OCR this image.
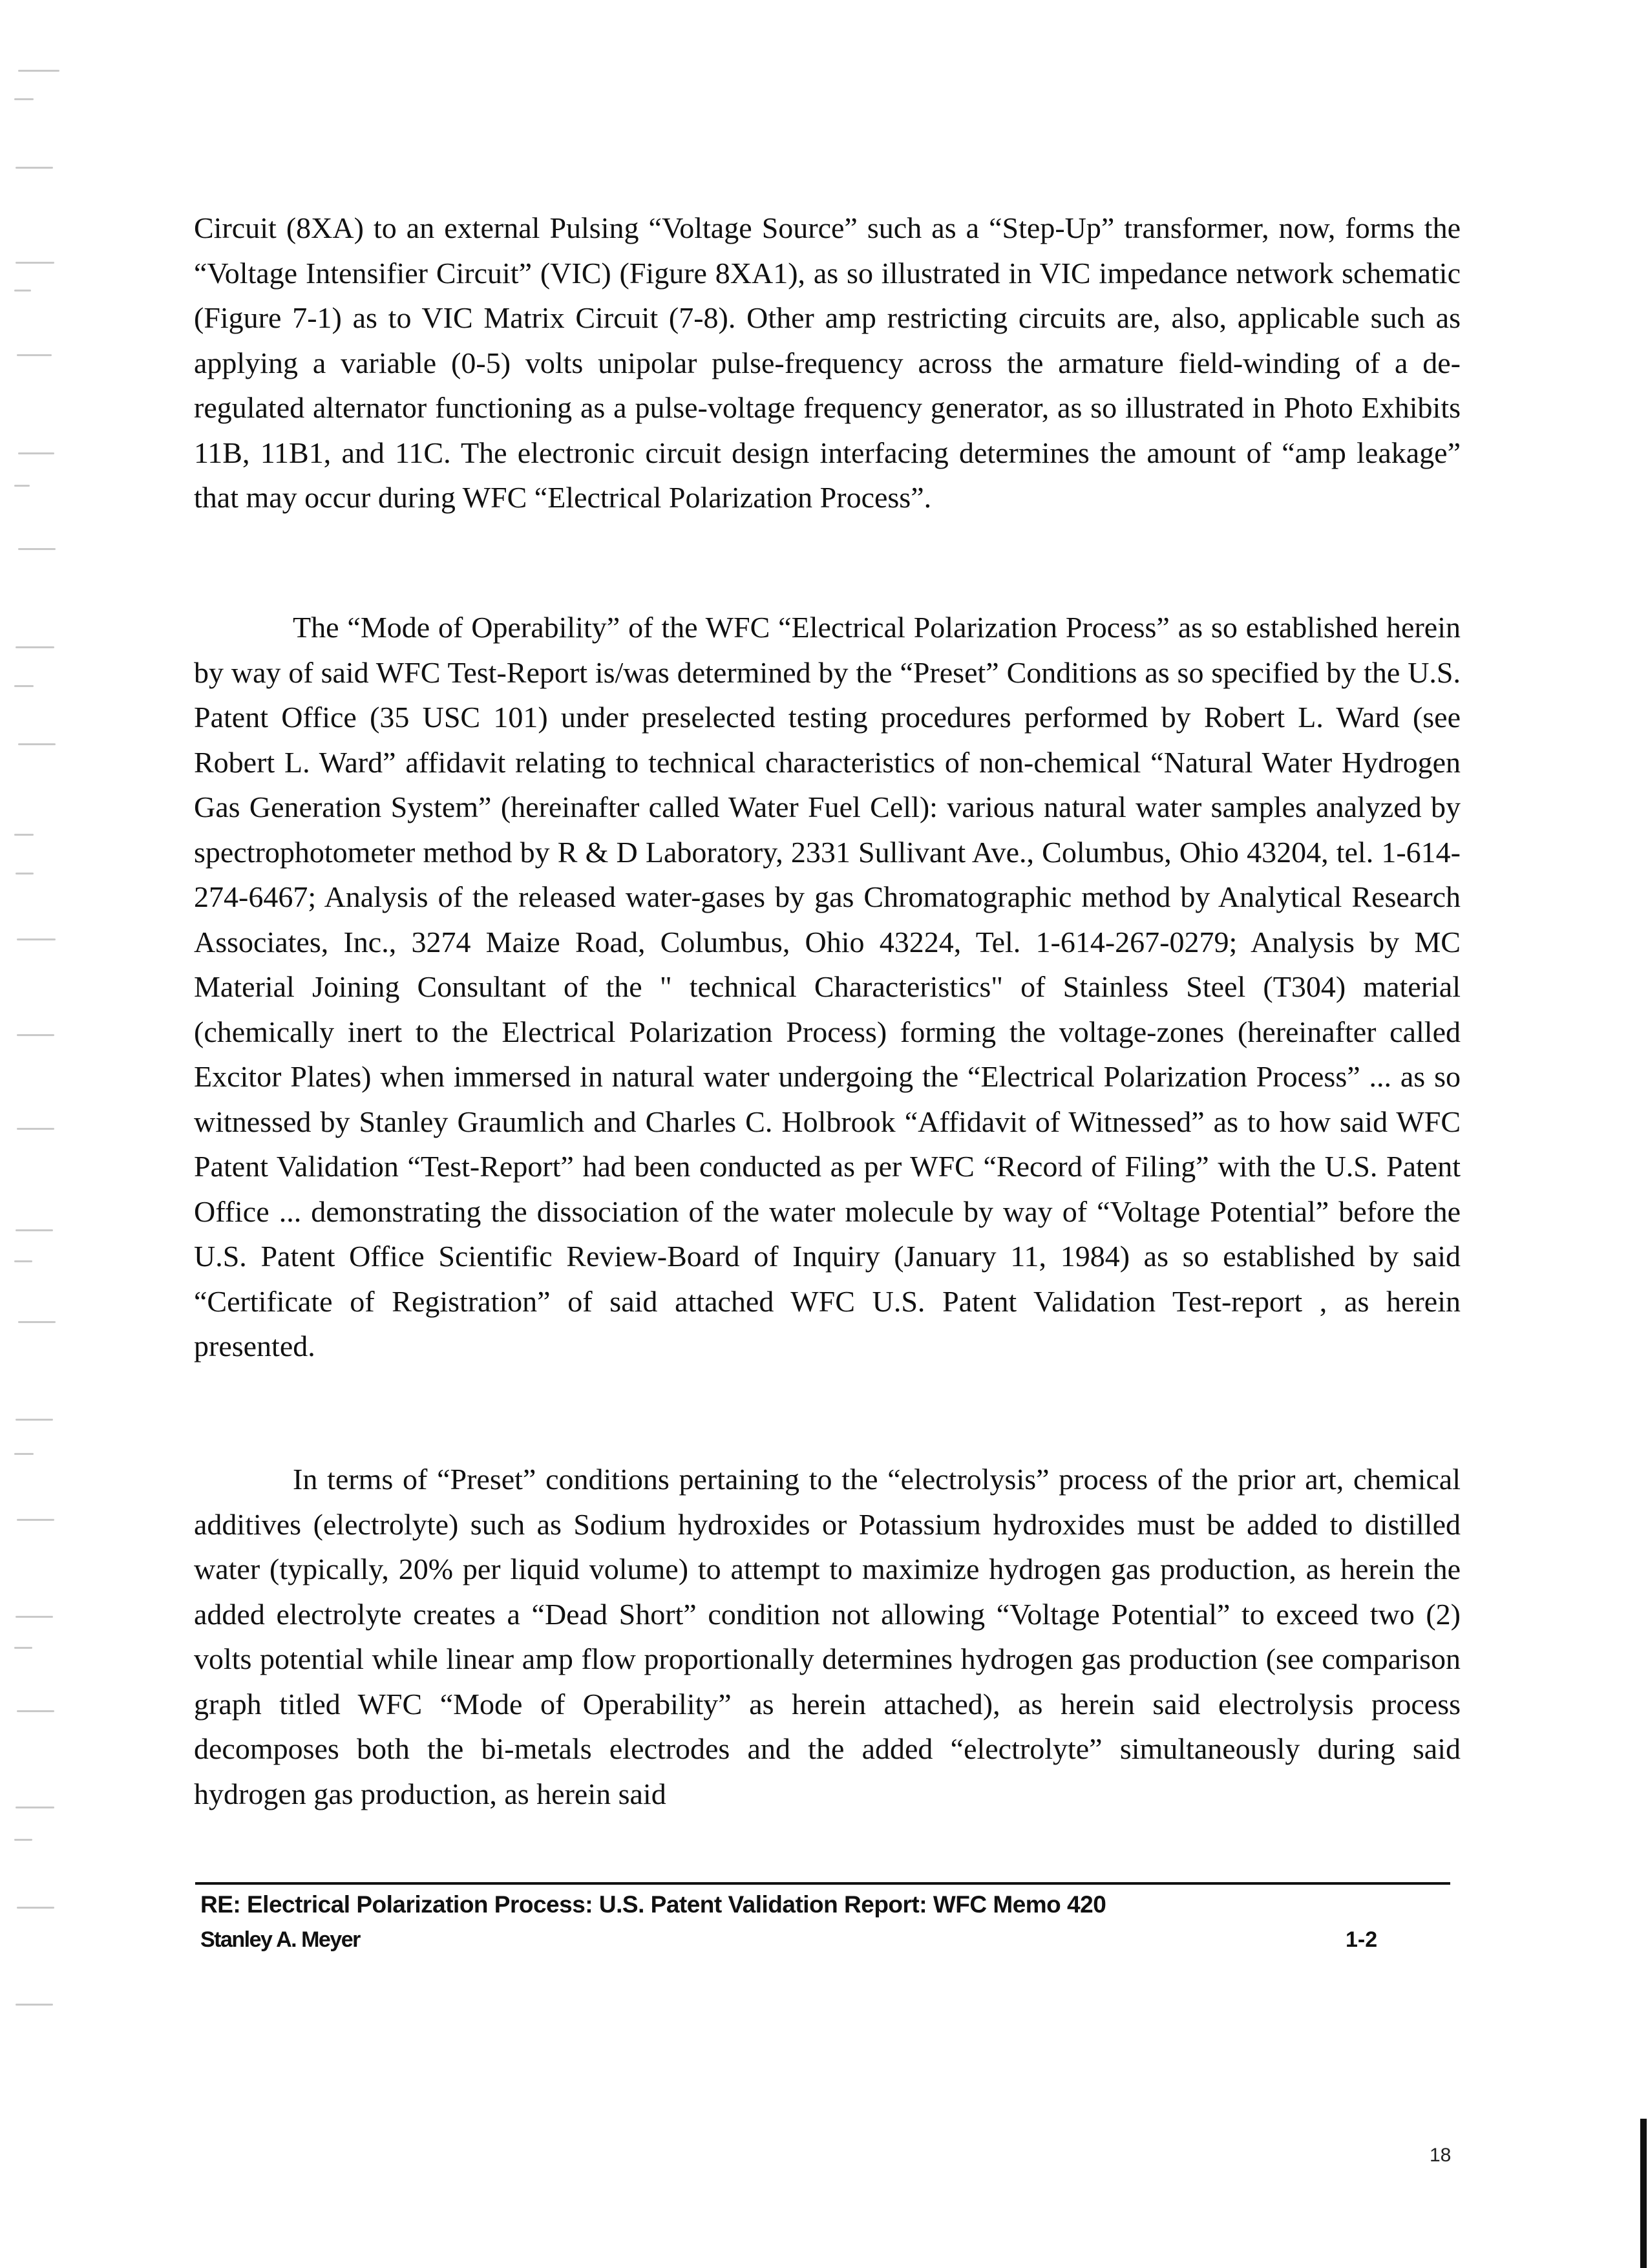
Circuit (8XA) to an external Pulsing “Voltage Source” such as a “Step-Up” transformer, now, forms the “Voltage Intensifier Circuit” (VIC) (Figure 8XA1), as so illustrated in VIC impedance network schematic (Figure 7-1) as to VIC Matrix Circuit (7-8). Other amp restricting circuits are, also, applicable such as applying a variable (0-5) volts unipolar pulse-frequency across the armature field-winding of a de-regulated alternator functioning as a pulse-voltage frequency generator, as so illustrated in Photo Exhibits 11B, 11B1, and 11C. The electronic circuit design interfacing determines the amount of “amp leakage” that may occur during WFC “Electrical Polarization Process”.

The “Mode of Operability” of the WFC “Electrical Polarization Process” as so established herein by way of said WFC Test-Report is/was determined by the “Preset” Conditions as so specified by the U.S. Patent Office (35 USC 101) under preselected testing procedures performed by Robert L. Ward (see Robert L. Ward” affidavit relating to technical characteristics of non-chemical “Natural Water Hydrogen Gas Generation System” (hereinafter called Water Fuel Cell): various natural water samples analyzed by spectrophotometer method by R & D Laboratory, 2331 Sullivant Ave., Columbus, Ohio 43204, tel. 1-614-274-6467; Analysis of the released water-gases by gas Chromatographic method by Analytical Research Associates, Inc., 3274 Maize Road, Columbus, Ohio 43224, Tel. 1-614-267-0279; Analysis by MC Material Joining Consultant of the " technical Characteristics" of Stainless Steel (T304) material (chemically inert to the Electrical Polarization Process) forming the voltage-zones (hereinafter called Excitor Plates) when immersed in natural water undergoing the “Electrical Polarization Process” ... as so witnessed by Stanley Graumlich and Charles C. Holbrook “Affidavit of Witnessed” as to how said WFC Patent Validation “Test-Report” had been conducted as per WFC “Record of Filing” with the U.S. Patent Office ... demonstrating the dissociation of the water molecule by way of “Voltage Potential” before the U.S. Patent Office Scientific Review-Board of Inquiry (January 11, 1984) as so established by said “Certificate of Registration” of said attached WFC U.S. Patent Validation Test-report , as herein presented.

In terms of “Preset” conditions pertaining to the “electrolysis” process of the prior art, chemical additives (electrolyte) such as Sodium hydroxides or Potassium hydroxides must be added to distilled water (typically, 20% per liquid volume) to attempt to maximize hydrogen gas production, as herein the added electrolyte creates a “Dead Short” condition not allowing “Voltage Potential” to exceed two (2) volts potential while linear amp flow proportionally determines hydrogen gas production (see comparison graph titled WFC “Mode of Operability” as herein attached), as herein said electrolysis process decomposes both the bi-metals electrodes and the added “electrolyte” simultaneously during said hydrogen gas production, as herein said

RE: Electrical Polarization Process: U.S. Patent Validation Report: WFC Memo 420
Stanley A. Meyer	1-2
18
